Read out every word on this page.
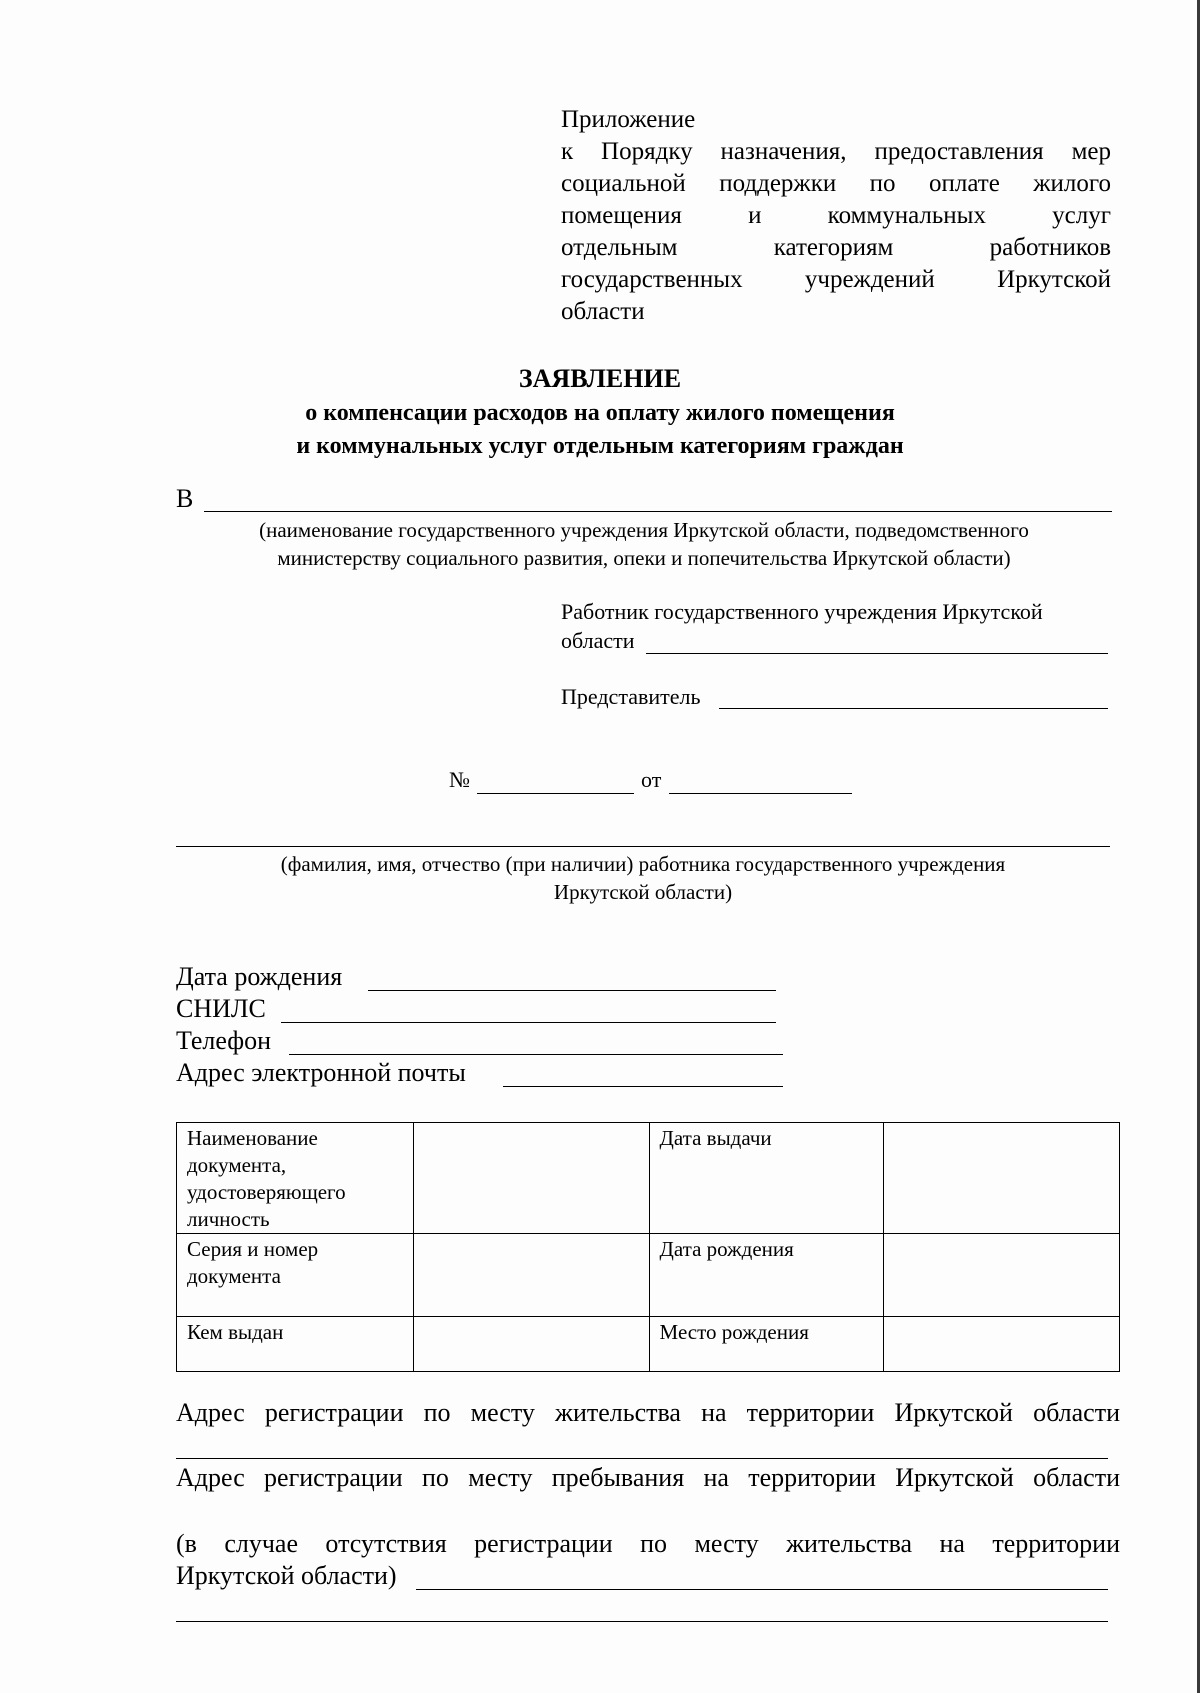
Приложение
к Порядку назначения, предоставления мер
социальной поддержки по оплате жилого
помещения и коммунальных услуг
отдельным категориям работников
государственных учреждений Иркутской
области
ЗАЯВЛЕНИЕ
о компенсации расходов на оплату жилого помещения
и коммунальных услуг отдельным категориям граждан
В
(наименование государственного учреждения Иркутской области, подведомственного
министерству социального развития, опеки и попечительства Иркутской области)
Работник государственного учреждения Иркутской
области
Представитель
№	от
(фамилия, имя, отчество (при наличии) работника государственного учреждения
Иркутской области)
Дата рождения
СНИЛС
Телефон
Адрес электронной почты
Наименование документа, удостоверяющего личность		Дата выдачи	
Серия и номер документа		Дата рождения	
Кем выдан		Место рождения	
Адрес регистрации по месту жительства на территории Иркутской области
Адрес регистрации по месту пребывания на территории Иркутской области
(в случае отсутствия регистрации по месту жительства на территории
Иркутской области)
